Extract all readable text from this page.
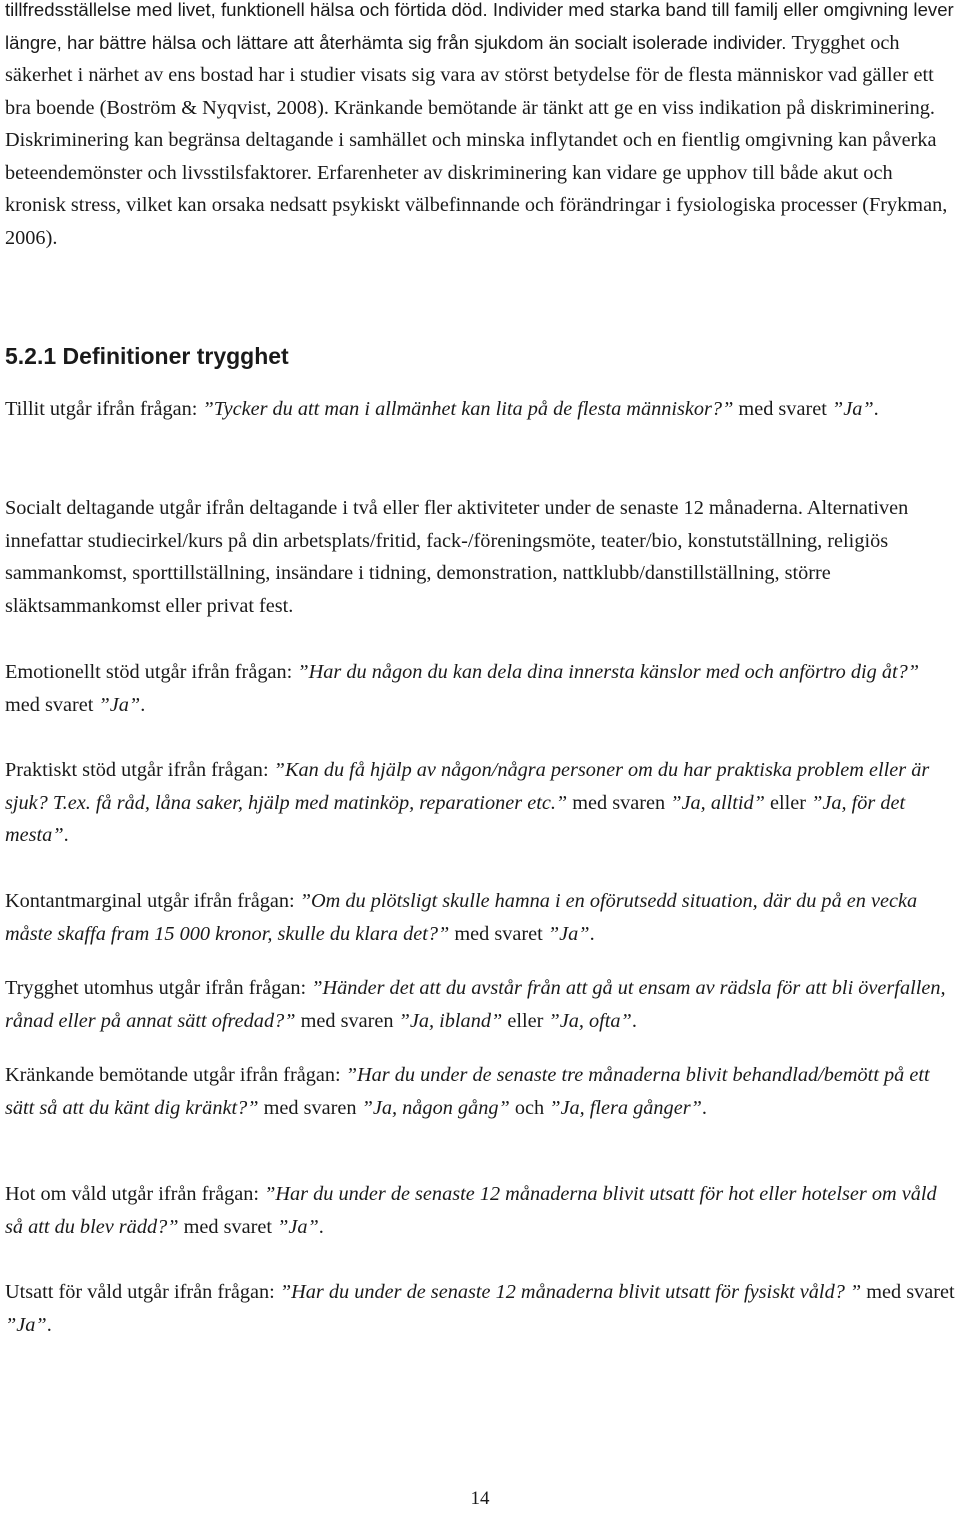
tillfredsställelse med livet, funktionell hälsa och förtida död. Individer med starka band till familj eller omgivning lever längre, har bättre hälsa och lättare att återhämta sig från sjukdom än socialt isolerade individer. Trygghet och säkerhet i närhet av ens bostad har i studier visats sig vara av störst betydelse för de flesta människor vad gäller ett bra boende (Boström & Nyqvist, 2008). Kränkande bemötande är tänkt att ge en viss indikation på diskriminering. Diskriminering kan begränsa deltagande i samhället och minska inflytandet och en fientlig omgivning kan påverka beteendemönster och livsstilsfaktorer. Erfarenheter av diskriminering kan vidare ge upphov till både akut och kronisk stress, vilket kan orsaka nedsatt psykiskt välbefinnande och förändringar i fysiologiska processer (Frykman, 2006).

5.2.1 Definitioner trygghet

Tillit utgår ifrån frågan: ”Tycker du att man i allmänhet kan lita på de flesta människor?” med svaret ”Ja”.

Socialt deltagande utgår ifrån deltagande i två eller fler aktiviteter under de senaste 12 månaderna. Alternativen innefattar studiecirkel/kurs på din arbetsplats/fritid, fack-/föreningsmöte, teater/bio, konstutställning, religiös sammankomst, sporttillställning, insändare i tidning, demonstration, nattklubb/danstillställning, större släktsammankomst eller privat fest.

Emotionellt stöd utgår ifrån frågan: ”Har du någon du kan dela dina innersta känslor med och anförtro dig åt?” med svaret ”Ja”.

Praktiskt stöd utgår ifrån frågan: ”Kan du få hjälp av någon/några personer om du har praktiska problem eller är sjuk? T.ex. få råd, låna saker, hjälp med matinköp, reparationer etc.” med svaren ”Ja, alltid” eller ”Ja, för det mesta”.

Kontantmarginal utgår ifrån frågan: ”Om du plötsligt skulle hamna i en oförutsedd situation, där du på en vecka måste skaffa fram 15 000 kronor, skulle du klara det?” med svaret ”Ja”.

Trygghet utomhus utgår ifrån frågan: ”Händer det att du avstår från att gå ut ensam av rädsla för att bli överfallen, rånad eller på annat sätt ofredad?” med svaren ”Ja, ibland” eller ”Ja, ofta”.

Kränkande bemötande utgår ifrån frågan: ”Har du under de senaste tre månaderna blivit behandlad/bemött på ett sätt så att du känt dig kränkt?” med svaren ”Ja, någon gång” och ”Ja, flera gånger”.

Hot om våld utgår ifrån frågan: ”Har du under de senaste 12 månaderna blivit utsatt för hot eller hotelser om våld så att du blev rädd?” med svaret ”Ja”.

Utsatt för våld utgår ifrån frågan: ”Har du under de senaste 12 månaderna blivit utsatt för fysiskt våld? ” med svaret ”Ja”.

14
